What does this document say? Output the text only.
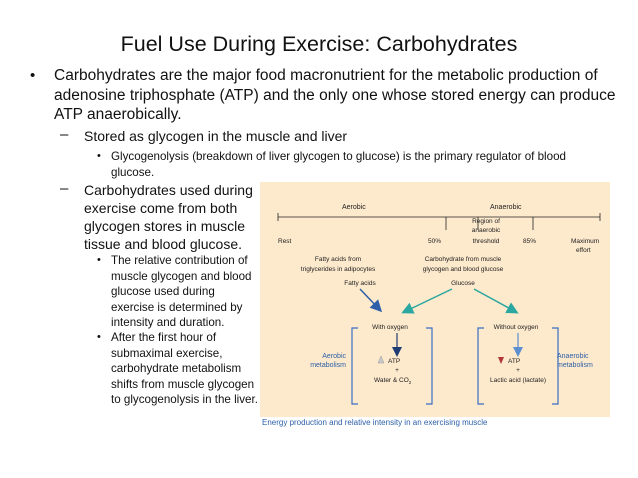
Fuel Use During Exercise: Carbohydrates
• Carbohydrates are the major food macronutrient for the metabolic production of adenosine triphosphate (ATP) and the only one whose stored energy can produce ATP anaerobically.
– Stored as glycogen in the muscle and liver
• Glycogenolysis (breakdown of liver glycogen to glucose) is the primary regulator of blood glucose.
– Carbohydrates used during exercise come from both glycogen stores in muscle tissue and blood glucose.
• The relative contribution of muscle glycogen and blood glucose used during exercise is determined by intensity and duration.
• After the first hour of submaximal exercise, carbohydrate metabolism shifts from muscle glycogen to glycogenolysis in the liver.
Aerobic	Anaerobic
Region of
anaerobic
threshold
Rest	50%	85%	Maximum
effort
Fatty acids from
triglycerides in adipocytes
Carbohydrate from muscle
glycogen and blood glucose
Fatty acids	Glucose
With oxygen	Without oxygen
Aerobic
metabolism
Anaerobic
metabolism
ATP
+
Water & $CO_2$
ATP
+
Lactic acid (lactate)
Energy production and relative intensity in an exercising muscle
